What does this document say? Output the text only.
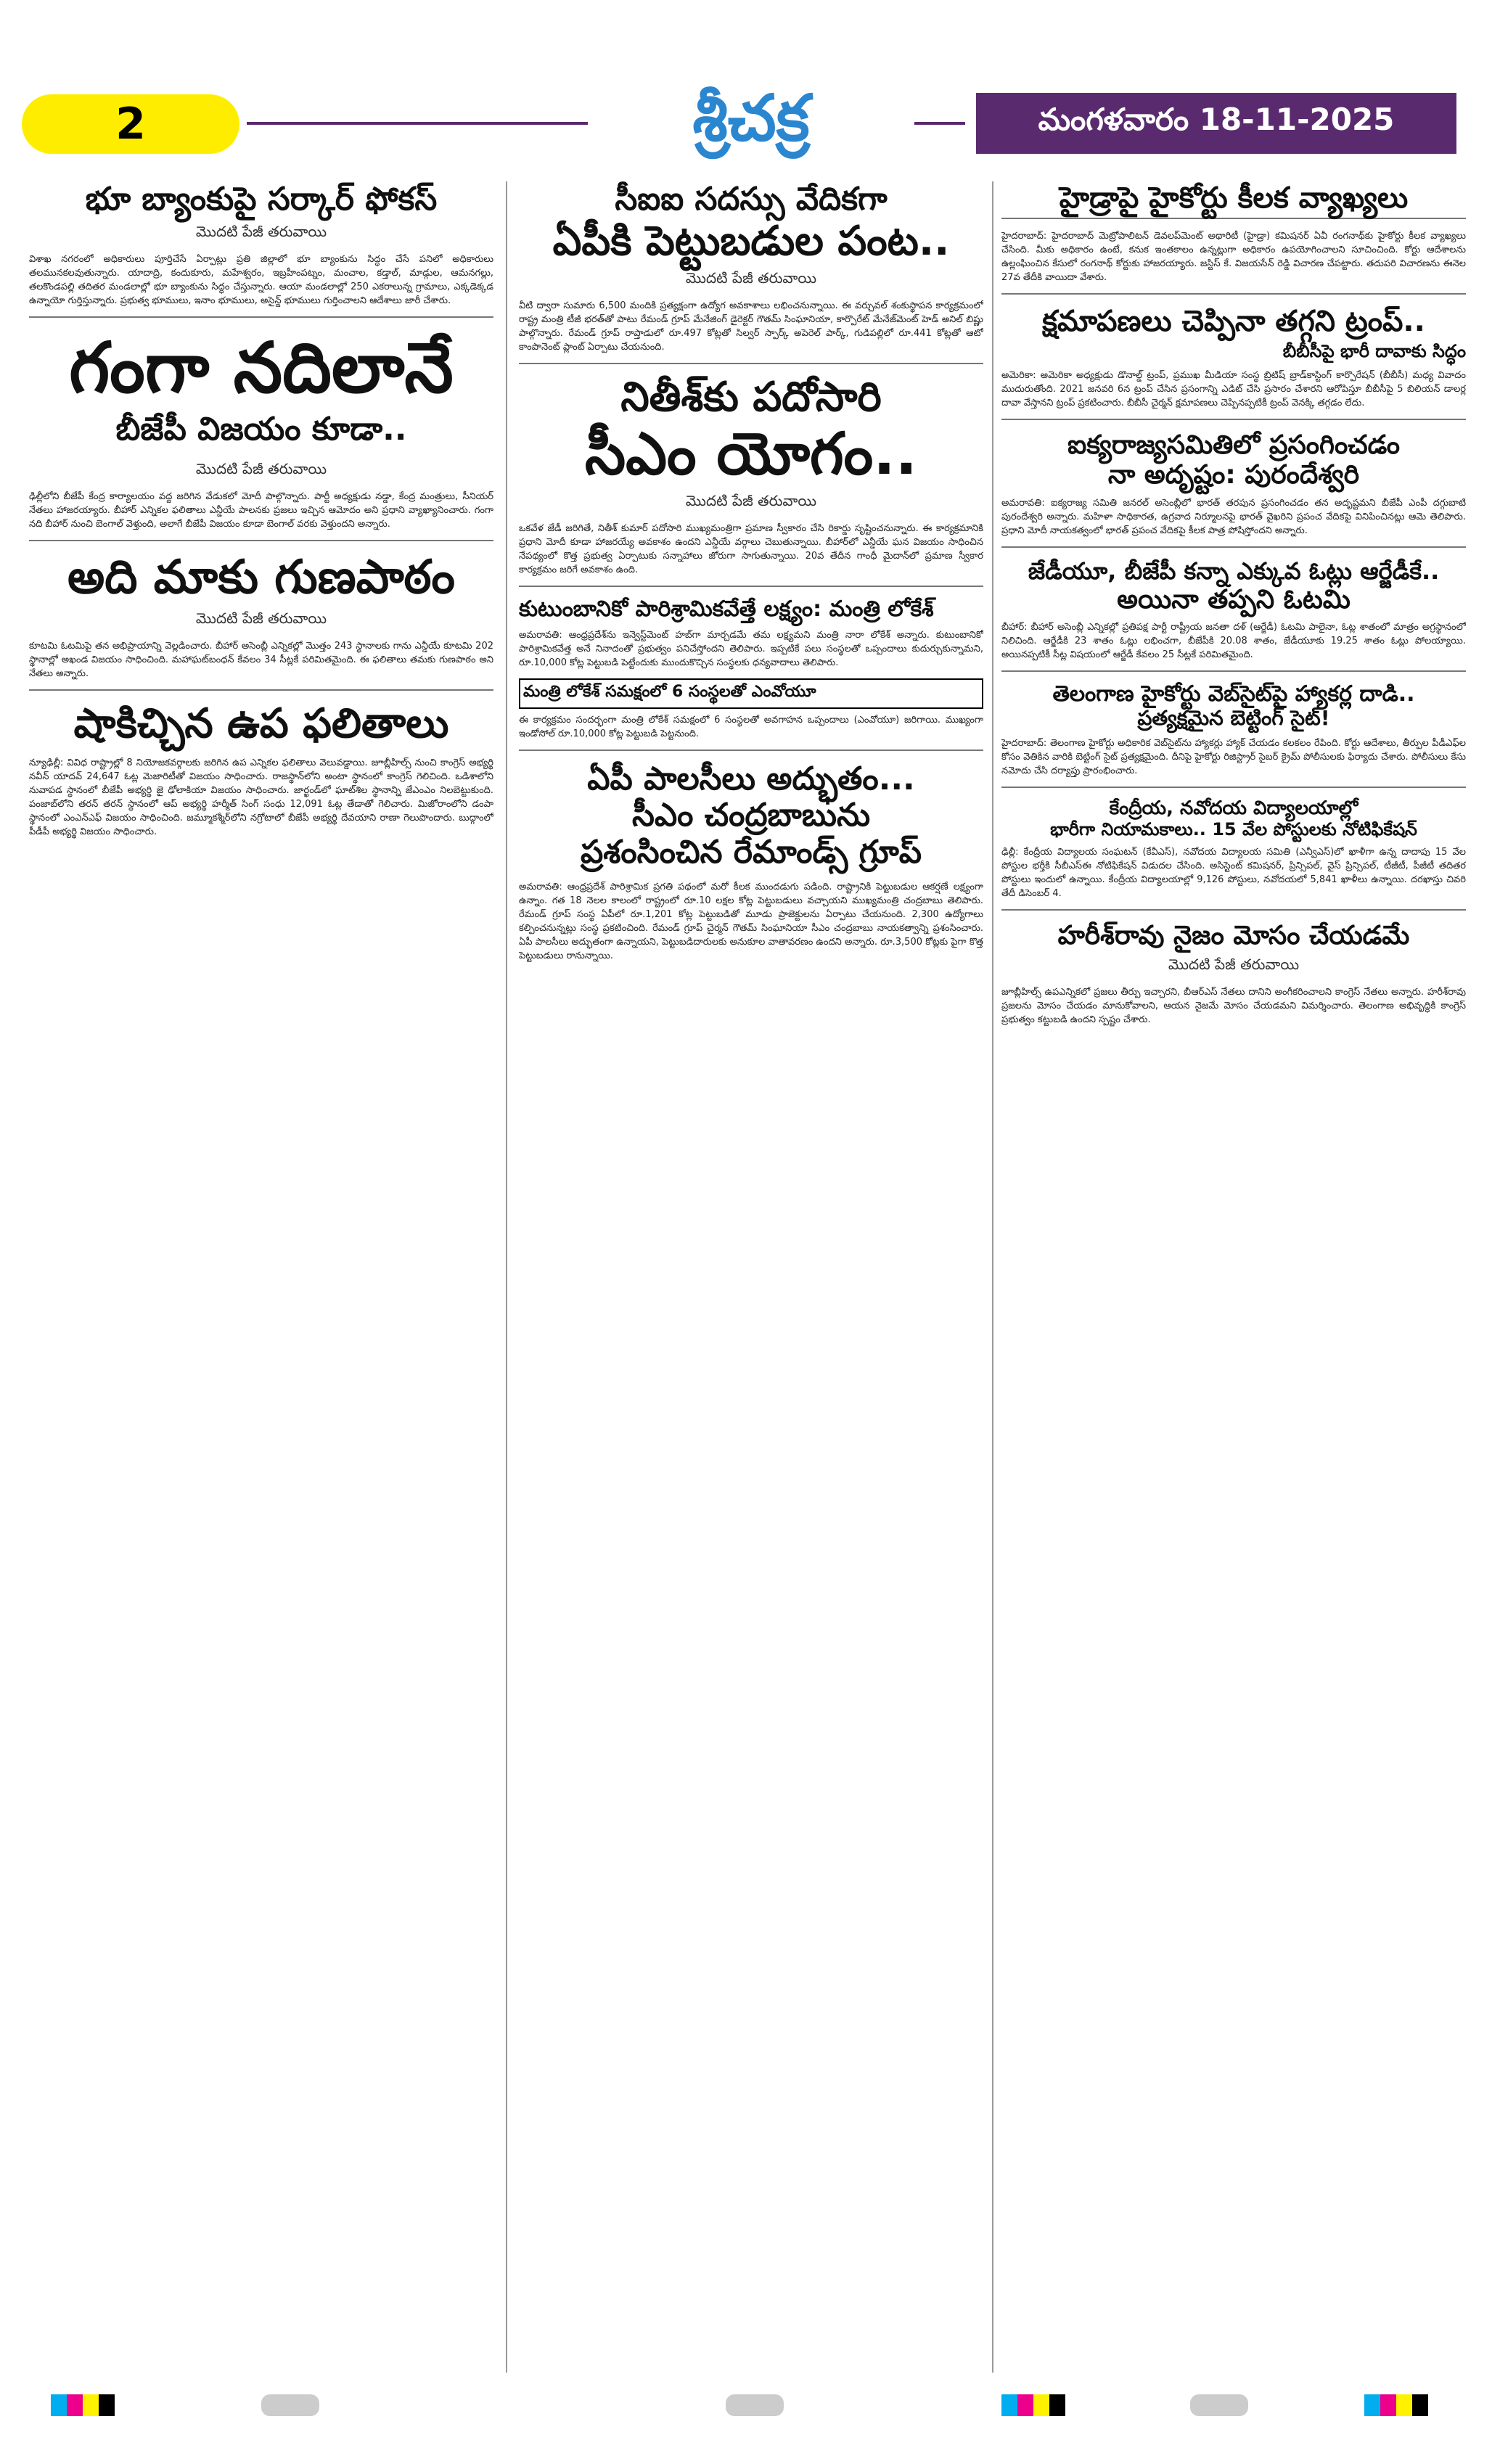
2	శ్రీచక్ర	మంగళవారం 18-11-2025
భూ బ్యాంకుపై సర్కార్ ఫోకస్
మొదటి పేజీ తరువాయి

విశాఖ నగరంలో అధికారులు పూర్తిచేసే ఏర్పాట్లు ప్రతి జిల్లాలో భూ బ్యాంకును సిద్ధం చేసే పనిలో అధికారులు తలమునకలవుతున్నారు. యాదాద్రి, కందుకూరు, మహేశ్వరం, ఇబ్రహీంపట్నం, మంచాల, కడ్తాల్, మాడ్గుల, ఆమనగల్లు, తలకొండపల్లి తదితర మండలాల్లో భూ బ్యాంకును సిద్ధం చేస్తున్నారు. ఆయా మండలాల్లో 250 ఎకరాలున్న గ్రామాలు, ఎక్కడెక్కడ ఉన్నాయో గుర్తిస్తున్నారు. ప్రభుత్వ భూములు, ఇనాం భూములు, అసైన్డ్ భూములు గుర్తించాలని ఆదేశాలు జారీ చేశారు.

గంగా నదిలానే
బీజేపీ విజయం కూడా..
మొదటి పేజీ తరువాయి

ఢిల్లీలోని బీజేపీ కేంద్ర కార్యాలయం వద్ద జరిగిన వేడుకలో మోదీ పాల్గొన్నారు. పార్టీ అధ్యక్షుడు నడ్డా, కేంద్ర మంత్రులు, సీనియర్ నేతలు హాజరయ్యారు. బీహార్ ఎన్నికల ఫలితాలు ఎన్డీయే పాలనకు ప్రజలు ఇచ్చిన ఆమోదం అని ప్రధాని వ్యాఖ్యానించారు. గంగా నది బీహార్ నుంచి బెంగాల్ వెళ్తుంది, అలాగే బీజేపీ విజయం కూడా బెంగాల్ వరకు వెళ్తుందని అన్నారు.

అది మాకు గుణపాఠం
మొదటి పేజీ తరువాయి

కూటమి ఓటమిపై తన అభిప్రాయాన్ని వెల్లడించారు. బీహార్ అసెంబ్లీ ఎన్నికల్లో మొత్తం 243 స్థానాలకు గాను ఎన్డీయే కూటమి 202 స్థానాల్లో అఖండ విజయం సాధించింది. మహాఘట్‌బంధన్ కేవలం 34 సీట్లకే పరిమితమైంది. ఈ ఫలితాలు తమకు గుణపాఠం అని నేతలు అన్నారు.

షాకిచ్చిన ఉప ఫలితాలు

న్యూఢిల్లీ: వివిధ రాష్ట్రాల్లో 8 నియోజకవర్గాలకు జరిగిన ఉప ఎన్నికల ఫలితాలు వెలువడ్డాయి. జూబ్లీహిల్స్ నుంచి కాంగ్రెస్ అభ్యర్థి నవీన్ యాదవ్ 24,647 ఓట్ల మెజారిటీతో విజయం సాధించారు. రాజస్థాన్‌లోని అంటా స్థానంలో కాంగ్రెస్ గెలిచింది. ఒడిశాలోని నువాపడ స్థానంలో బీజేపీ అభ్యర్థి జై ఢోలాకియా విజయం సాధించారు. జార్ఖండ్‌లో ఘాట్‌శిల స్థానాన్ని జేఎంఎం నిలబెట్టుకుంది. పంజాబ్‌లోని తరన్ తరన్ స్థానంలో ఆప్ అభ్యర్థి హర్మీత్ సింగ్ సంధు 12,091 ఓట్ల తేడాతో గెలిచారు. మిజోరాంలోని డంపా స్థానంలో ఎంఎన్‌ఎఫ్ విజయం సాధించింది. జమ్మూకశ్మీర్‌లోని నగ్రోటాలో బీజేపీ అభ్యర్థి దేవయాని రాణా గెలుపొందారు. బుద్గాంలో పీడీపీ అభ్యర్థి విజయం సాధించారు.

సీఐఐ సదస్సు వేదికగా
ఏపీకి పెట్టుబడుల పంట..
మొదటి పేజీ తరువాయి

వీటి ద్వారా సుమారు 6,500 మందికి ప్రత్యక్షంగా ఉద్యోగ అవకాశాలు లభించనున్నాయి. ఈ వర్చువల్ శంకుస్థాపన కార్యక్రమంలో రాష్ట్ర మంత్రి టీజీ భరత్‌తో పాటు రేమండ్ గ్రూప్ మేనేజింగ్ డైరెక్టర్ గౌతమ్ సింఘానియా, కార్పొరేట్ మేనేజ్‌మెంట్ హెడ్ అనిల్ బిష్ణు పాల్గొన్నారు. రేమండ్ గ్రూప్ రాప్తాడులో రూ.497 కోట్లతో సిల్వర్ స్పార్క్ అపెరెల్ పార్క్, గుడిపల్లిలో రూ.441 కోట్లతో ఆటో కాంపొనెంట్ ప్లాంట్ ఏర్పాటు చేయనుంది.

నితీశ్‌కు పదోసారి
సీఎం యోగం..
మొదటి పేజీ తరువాయి

ఒకవేళ జేడీ జరిగితే, నితీశ్ కుమార్ పదోసారి ముఖ్యమంత్రిగా ప్రమాణ స్వీకారం చేసి రికార్డు సృష్టించనున్నారు. ఈ కార్యక్రమానికి ప్రధాని మోదీ కూడా హాజరయ్యే అవకాశం ఉందని ఎన్డీయే వర్గాలు చెబుతున్నాయి. బీహార్‌లో ఎన్డీయే ఘన విజయం సాధించిన నేపథ్యంలో కొత్త ప్రభుత్వ ఏర్పాటుకు సన్నాహాలు జోరుగా సాగుతున్నాయి. 20వ తేదీన గాంధీ మైదాన్‌లో ప్రమాణ స్వీకార కార్యక్రమం జరిగే అవకాశం ఉంది.

కుటుంబానికో పారిశ్రామికవేత్తే లక్ష్యం: మంత్రి లోకేశ్

అమరావతి: ఆంధ్రప్రదేశ్‌ను ఇన్వెస్ట్‌మెంట్ హబ్‌గా మార్చడమే తమ లక్ష్యమని మంత్రి నారా లోకేశ్ అన్నారు. కుటుంబానికో పారిశ్రామికవేత్త అనే నినాదంతో ప్రభుత్వం పనిచేస్తోందని తెలిపారు. ఇప్పటికే పలు సంస్థలతో ఒప్పందాలు కుదుర్చుకున్నామని, రూ.10,000 కోట్ల పెట్టుబడి పెట్టేందుకు ముందుకొచ్చిన సంస్థలకు ధన్యవాదాలు తెలిపారు.

మంత్రి లోకేశ్ సమక్షంలో 6 సంస్థలతో ఎంవోయూ

ఈ కార్యక్రమం సందర్భంగా మంత్రి లోకేశ్ సమక్షంలో 6 సంస్థలతో అవగాహన ఒప్పందాలు (ఎంవోయూ) జరిగాయి. ముఖ్యంగా ఇండోసోల్ రూ.10,000 కోట్ల పెట్టుబడి పెట్టనుంది.

ఏపీ పాలసీలు అద్భుతం...
సీఎం చంద్రబాబును
ప్రశంసించిన రేమాండ్స్ గ్రూప్

అమరావతి: ఆంధ్రప్రదేశ్ పారిశ్రామిక ప్రగతి పథంలో మరో కీలక ముందడుగు పడింది. రాష్ట్రానికి పెట్టుబడుల ఆకర్షణే లక్ష్యంగా ఉన్నాం. గత 18 నెలల కాలంలో రాష్ట్రంలో రూ.10 లక్షల కోట్ల పెట్టుబడులు వచ్చాయని ముఖ్యమంత్రి చంద్రబాబు తెలిపారు. రేమండ్ గ్రూప్ సంస్థ ఏపీలో రూ.1,201 కోట్ల పెట్టుబడితో మూడు ప్రాజెక్టులను ఏర్పాటు చేయనుంది. 2,300 ఉద్యోగాలు కల్పించనున్నట్లు సంస్థ ప్రకటించింది. రేమండ్ గ్రూప్ చైర్మన్ గౌతమ్ సింఘానియా సీఎం చంద్రబాబు నాయకత్వాన్ని ప్రశంసించారు. ఏపీ పాలసీలు అద్భుతంగా ఉన్నాయని, పెట్టుబడిదారులకు అనుకూల వాతావరణం ఉందని అన్నారు. రూ.3,500 కోట్లకు పైగా కొత్త పెట్టుబడులు రానున్నాయి.

హైడ్రాపై హైకోర్టు కీలక వ్యాఖ్యలు

హైదరాబాద్: హైదరాబాద్ మెట్రోపాలిటన్ డెవలప్‌మెంట్ అథారిటీ (హైడ్రా) కమిషనర్ ఏవీ రంగనాథ్‌కు హైకోర్టు కీలక వ్యాఖ్యలు చేసింది. మీకు అధికారం ఉంటే, కనుక ఇంతకాలం ఉన్నట్లుగా అధికారం ఉపయోగించాలని సూచించింది. కోర్టు ఆదేశాలను ఉల్లంఘించిన కేసులో రంగనాథ్ కోర్టుకు హాజరయ్యారు. జస్టిస్ కే. విజయసేన్ రెడ్డి విచారణ చేపట్టారు. తదుపరి విచారణను ఈనెల 27వ తేదీకి వాయిదా వేశారు.

క్షమాపణలు చెప్పినా తగ్గని ట్రంప్..
బీబీసీపై భారీ దావాకు సిద్ధం

అమెరికా: అమెరికా అధ్యక్షుడు డొనాల్డ్ ట్రంప్, ప్రముఖ మీడియా సంస్థ బ్రిటిష్ బ్రాడ్‌కాస్టింగ్ కార్పొరేషన్ (బీబీసీ) మధ్య వివాదం ముదురుతోంది. 2021 జనవరి 6న ట్రంప్ చేసిన ప్రసంగాన్ని ఎడిట్ చేసి ప్రసారం చేశారని ఆరోపిస్తూ బీబీసీపై 5 బిలియన్ డాలర్ల దావా వేస్తానని ట్రంప్ ప్రకటించారు. బీబీసీ చైర్మన్ క్షమాపణలు చెప్పినప్పటికీ ట్రంప్ వెనక్కి తగ్గడం లేదు.

ఐక్యరాజ్యసమితిలో ప్రసంగించడం
నా అదృష్టం: పురందేశ్వరి

అమరావతి: ఐక్యరాజ్య సమితి జనరల్ అసెంబ్లీలో భారత్ తరపున ప్రసంగించడం తన అదృష్టమని బీజేపీ ఎంపీ దగ్గుబాటి పురందేశ్వరి అన్నారు. మహిళా సాధికారత, ఉగ్రవాద నిర్మూలనపై భారత్ వైఖరిని ప్రపంచ వేదికపై వినిపించినట్లు ఆమె తెలిపారు. ప్రధాని మోదీ నాయకత్వంలో భారత్ ప్రపంచ వేదికపై కీలక పాత్ర పోషిస్తోందని అన్నారు.

జేడీయూ, బీజేపీ కన్నా ఎక్కువ ఓట్లు ఆర్జేడీకే..
అయినా తప్పని ఓటమి

బీహార్: బీహార్ అసెంబ్లీ ఎన్నికల్లో ప్రతిపక్ష పార్టీ రాష్ట్రీయ జనతా దళ్ (ఆర్జేడీ) ఓటమి పాలైనా, ఓట్ల శాతంలో మాత్రం అగ్రస్థానంలో నిలిచింది. ఆర్జేడీకి 23 శాతం ఓట్లు లభించగా, బీజేపీకి 20.08 శాతం, జేడీయూకు 19.25 శాతం ఓట్లు పోలయ్యాయి. అయినప్పటికీ సీట్ల విషయంలో ఆర్జేడీ కేవలం 25 సీట్లకే పరిమితమైంది.

తెలంగాణ హైకోర్టు వెబ్‌సైట్‌పై హ్యాకర్ల దాడి..
ప్రత్యక్షమైన బెట్టింగ్ సైట్!

హైదరాబాద్: తెలంగాణ హైకోర్టు అధికారిక వెబ్‌సైట్‌ను హ్యాకర్లు హ్యాక్ చేయడం కలకలం రేపింది. కోర్టు ఆదేశాలు, తీర్పుల పీడీఎఫ్‌ల కోసం వెతికిన వారికి బెట్టింగ్ సైట్ ప్రత్యక్షమైంది. దీనిపై హైకోర్టు రిజిస్ట్రార్ సైబర్ క్రైమ్ పోలీసులకు ఫిర్యాదు చేశారు. పోలీసులు కేసు నమోదు చేసి దర్యాప్తు ప్రారంభించారు.

కేంద్రీయ, నవోదయ విద్యాలయాల్లో
భారీగా నియామకాలు.. 15 వేల పోస్టులకు నోటిఫికేషన్

ఢిల్లీ: కేంద్రీయ విద్యాలయ సంఘటన్ (కేవీఎస్), నవోదయ విద్యాలయ సమితి (ఎన్వీఎస్)లో ఖాళీగా ఉన్న దాదాపు 15 వేల పోస్టుల భర్తీకి సీబీఎస్‌ఈ నోటిఫికేషన్ విడుదల చేసింది. అసిస్టెంట్ కమిషనర్, ప్రిన్సిపల్, వైస్ ప్రిన్సిపల్, టీజీటీ, పీజీటీ తదితర పోస్టులు ఇందులో ఉన్నాయి. కేంద్రీయ విద్యాలయాల్లో 9,126 పోస్టులు, నవోదయలో 5,841 ఖాళీలు ఉన్నాయి. దరఖాస్తు చివరి తేదీ డిసెంబర్ 4.

హరీశ్‌రావు నైజం మోసం చేయడమే
మొదటి పేజీ తరువాయి

జూబ్లీహిల్స్ ఉపఎన్నికలో ప్రజలు తీర్పు ఇచ్చారని, బీఆర్ఎస్ నేతలు దానిని అంగీకరించాలని కాంగ్రెస్ నేతలు అన్నారు. హరీశ్‌రావు ప్రజలను మోసం చేయడం మానుకోవాలని, ఆయన నైజమే మోసం చేయడమని విమర్శించారు. తెలంగాణ అభివృద్ధికి కాంగ్రెస్ ప్రభుత్వం కట్టుబడి ఉందని స్పష్టం చేశారు.
